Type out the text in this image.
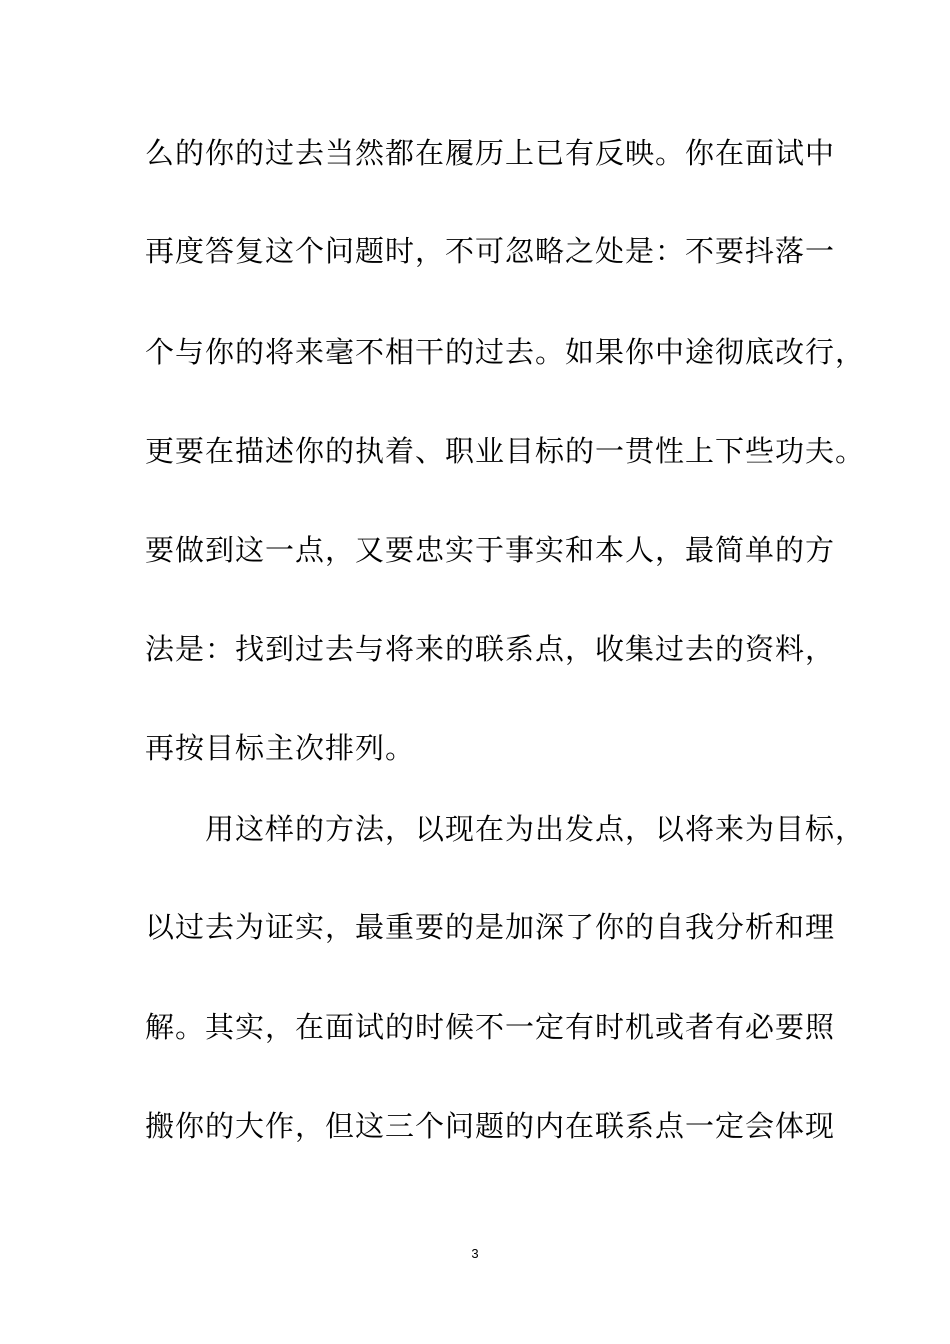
么的你的过去当然都在履历上已有反映。你在面试中
再度答复这个问题时，不可忽略之处是：不要抖落一
个与你的将来毫不相干的过去。如果你中途彻底改行，
更要在描述你的执着、职业目标的一贯性上下些功夫。
要做到这一点，又要忠实于事实和本人，最简单的方
法是：找到过去与将来的联系点，收集过去的资料，
再按目标主次排列。
用这样的方法，以现在为出发点，以将来为目标，
以过去为证实，最重要的是加深了你的自我分析和理
解。其实，在面试的时候不一定有时机或者有必要照
搬你的大作，但这三个问题的内在联系点一定会体现
3
